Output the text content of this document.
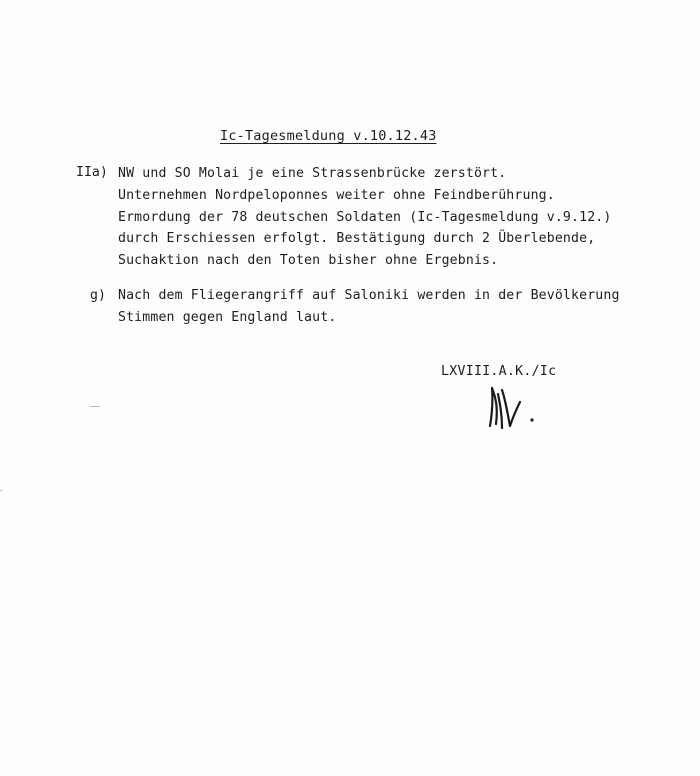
Ic-Tagesmeldung v.10.12.43
IIa) NW und SO Molai je eine Strassenbrücke zerstört.
Unternehmen Nordpeloponnes weiter ohne Feindberührung.
Ermordung der 78 deutschen Soldaten (Ic-Tagesmeldung v.9.12.)
durch Erschiessen erfolgt. Bestätigung durch 2 Überlebende,
Suchaktion nach den Toten bisher ohne Ergebnis.
g) Nach dem Fliegerangriff auf Saloniki werden in der Bevölkerung
Stimmen gegen England laut.
LXVIII.A.K./Ic
